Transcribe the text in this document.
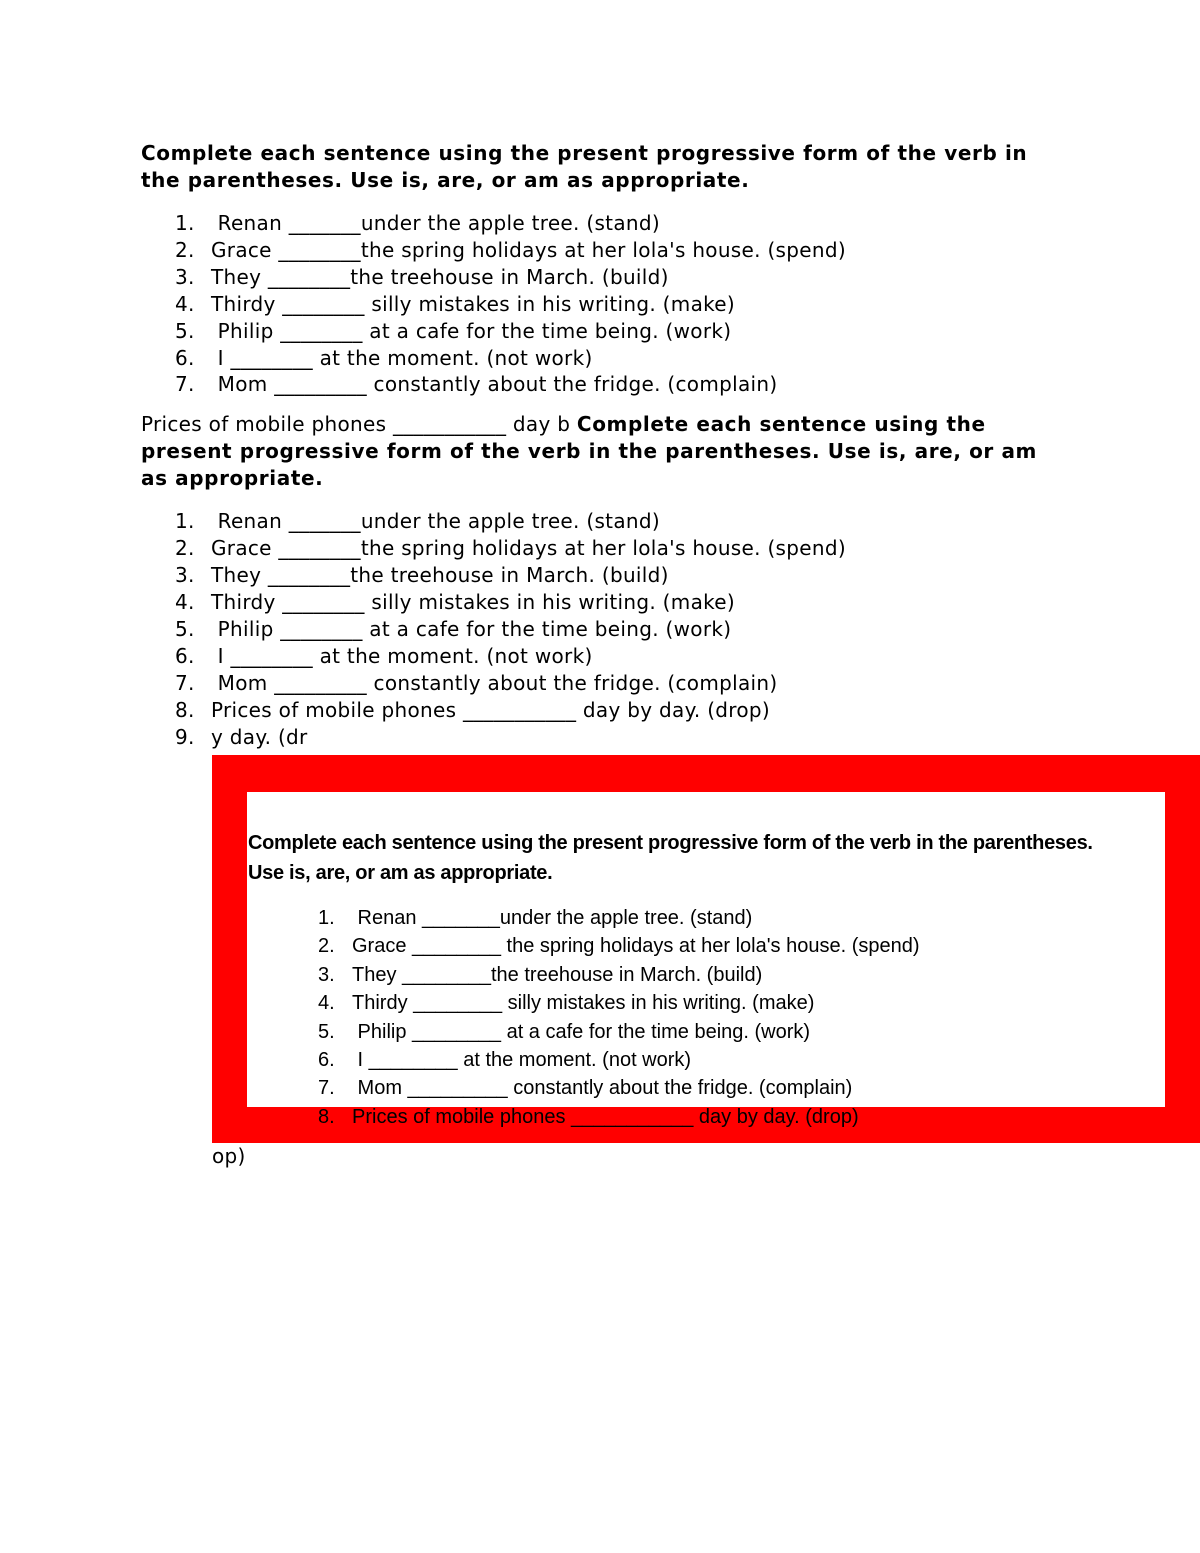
Complete each sentence using the present progressive form of the verb in the parentheses. Use is, are, or am as appropriate.

1. Renan _______under the apple tree. (stand)
2. Grace ________the spring holidays at her lola's house. (spend)
3. They ________the treehouse in March. (build)
4. Thirdy ________ silly mistakes in his writing. (make)
5. Philip ________ at a cafe for the time being. (work)
6. I ________ at the moment. (not work)
7. Mom _________ constantly about the fridge. (complain)

Prices of mobile phones ___________ day b Complete each sentence using the present progressive form of the verb in the parentheses. Use is, are, or am as appropriate.

1. Renan _______under the apple tree. (stand)
2. Grace ________the spring holidays at her lola's house. (spend)
3. They ________the treehouse in March. (build)
4. Thirdy ________ silly mistakes in his writing. (make)
5. Philip ________ at a cafe for the time being. (work)
6. I ________ at the moment. (not work)
7. Mom _________ constantly about the fridge. (complain)
8. Prices of mobile phones ___________ day by day. (drop)
9. y day. (dr

Complete each sentence using the present progressive form of the verb in the parentheses. Use is, are, or am as appropriate.

1. Renan _______under the apple tree. (stand)
2. Grace ________ the spring holidays at her lola's house. (spend)
3. They ________the treehouse in March. (build)
4. Thirdy ________ silly mistakes in his writing. (make)
5. Philip ________ at a cafe for the time being. (work)
6. I ________ at the moment. (not work)
7. Mom _________ constantly about the fridge. (complain)
8. Prices of mobile phones ___________ day by day. (drop)
op)
